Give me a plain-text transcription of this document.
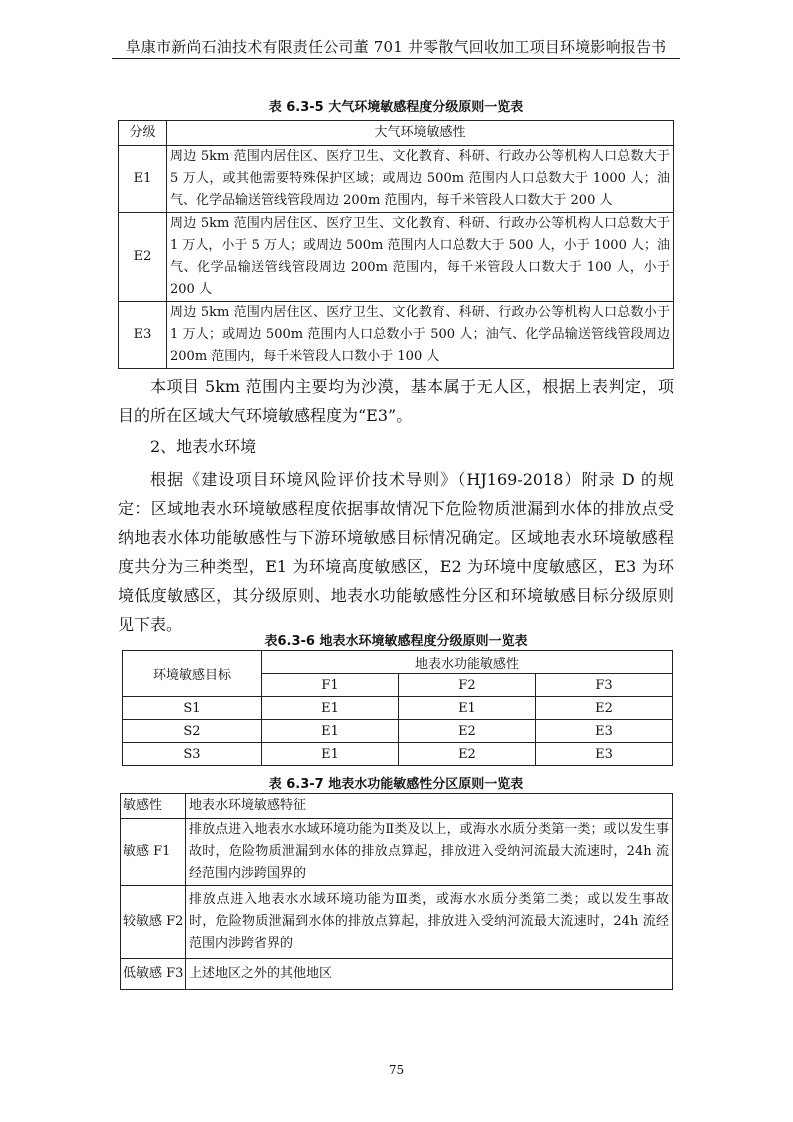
阜康市新尚石油技术有限责任公司董 701 井零散气回收加工项目环境影响报告书
表 6.3-5 大气环境敏感程度分级原则一览表
分级	大气环境敏感性
E1	周边 5km 范围内居住区、医疗卫生、文化教育、科研、行政办公等机构人口总数大于 5 万人，或其他需要特殊保护区域；或周边 500m 范围内人口总数大于 1000 人；油气、化学品输送管线管段周边 200m 范围内，每千米管段人口数大于 200 人
E2	周边 5km 范围内居住区、医疗卫生、文化教育、科研、行政办公等机构人口总数大于 1 万人，小于 5 万人；或周边 500m 范围内人口总数大于 500 人，小于 1000 人；油气、化学品输送管线管段周边 200m 范围内，每千米管段人口数大于 100 人，小于 200 人
E3	周边 5km 范围内居住区、医疗卫生、文化教育、科研、行政办公等机构人口总数小于 1 万人；或周边 500m 范围内人口总数小于 500 人；油气、化学品输送管线管段周边 200m 范围内，每千米管段人口数小于 100 人

本项目 5km 范围内主要均为沙漠，基本属于无人区，根据上表判定，项目的所在区域大气环境敏感程度为“E3”。

2、地表水环境

根据《建设项目环境风险评价技术导则》（HJ169-2018）附录 D 的规定：区域地表水环境敏感程度依据事故情况下危险物质泄漏到水体的排放点受纳地表水体功能敏感性与下游环境敏感目标情况确定。区域地表水环境敏感程度共分为三种类型，E1 为环境高度敏感区，E2 为环境中度敏感区，E3 为环境低度敏感区，其分级原则、地表水功能敏感性分区和环境敏感目标分级原则见下表。

表6.3-6 地表水环境敏感程度分级原则一览表
环境敏感目标	地表水功能敏感性		
	F1	F2	F3
S1	E1	E1	E2
S2	E1	E2	E3
S3	E1	E2	E3
表 6.3-7 地表水功能敏感性分区原则一览表
敏感性	地表水环境敏感特征
敏感 F1	排放点进入地表水水域环境功能为Ⅱ类及以上，或海水水质分类第一类；或以发生事故时，危险物质泄漏到水体的排放点算起，排放进入受纳河流最大流速时，24h 流经范围内涉跨国界的
较敏感 F2	排放点进入地表水水域环境功能为Ⅲ类，或海水水质分类第二类；或以发生事故时，危险物质泄漏到水体的排放点算起，排放进入受纳河流最大流速时，24h 流经范围内涉跨省界的
低敏感 F3	上述地区之外的其他地区
75
